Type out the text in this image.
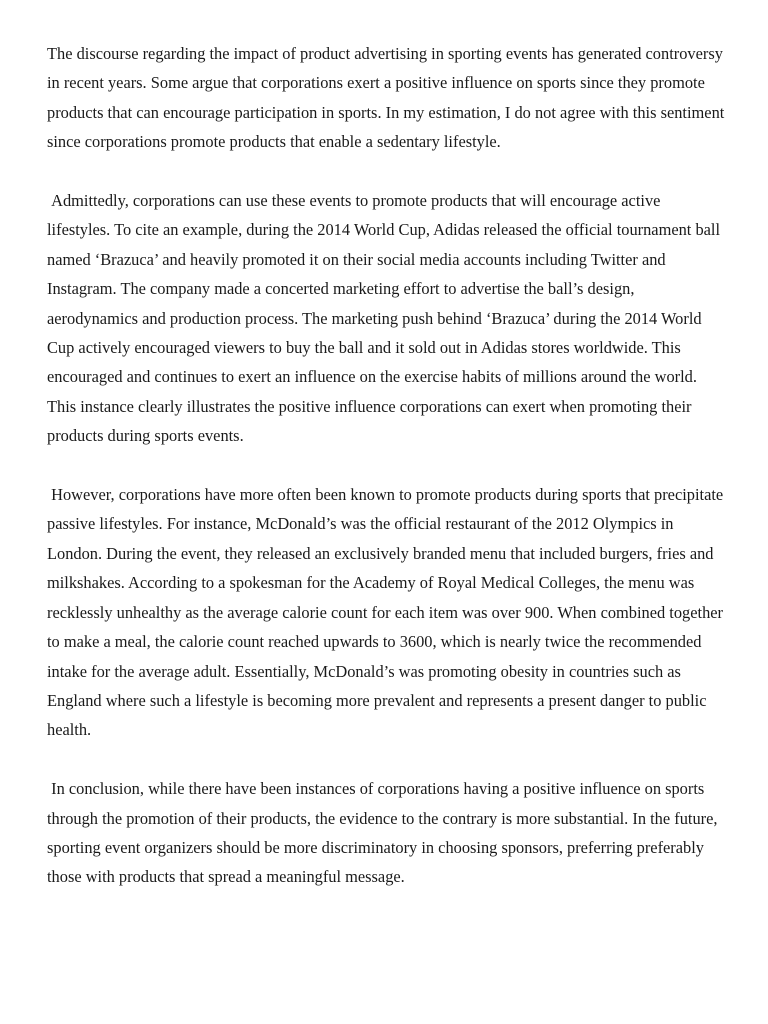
The discourse regarding the impact of product advertising in sporting events has generated controversy in recent years. Some argue that corporations exert a positive influence on sports since they promote products that can encourage participation in sports. In my estimation, I do not agree with this sentiment since corporations promote products that enable a sedentary lifestyle.

Admittedly, corporations can use these events to promote products that will encourage active lifestyles. To cite an example, during the 2014 World Cup, Adidas released the official tournament ball named ‘Brazuca’ and heavily promoted it on their social media accounts including Twitter and Instagram. The company made a concerted marketing effort to advertise the ball’s design, aerodynamics and production process. The marketing push behind ‘Brazuca’ during the 2014 World Cup actively encouraged viewers to buy the ball and it sold out in Adidas stores worldwide. This encouraged and continues to exert an influence on the exercise habits of millions around the world. This instance clearly illustrates the positive influence corporations can exert when promoting their products during sports events.

However, corporations have more often been known to promote products during sports that precipitate passive lifestyles. For instance, McDonald’s was the official restaurant of the 2012 Olympics in London. During the event, they released an exclusively branded menu that included burgers, fries and milkshakes. According to a spokesman for the Academy of Royal Medical Colleges, the menu was recklessly unhealthy as the average calorie count for each item was over 900. When combined together to make a meal, the calorie count reached upwards to 3600, which is nearly twice the recommended intake for the average adult. Essentially, McDonald’s was promoting obesity in countries such as England where such a lifestyle is becoming more prevalent and represents a present danger to public health.

In conclusion, while there have been instances of corporations having a positive influence on sports through the promotion of their products, the evidence to the contrary is more substantial. In the future, sporting event organizers should be more discriminatory in choosing sponsors, preferring preferably those with products that spread a meaningful message.
